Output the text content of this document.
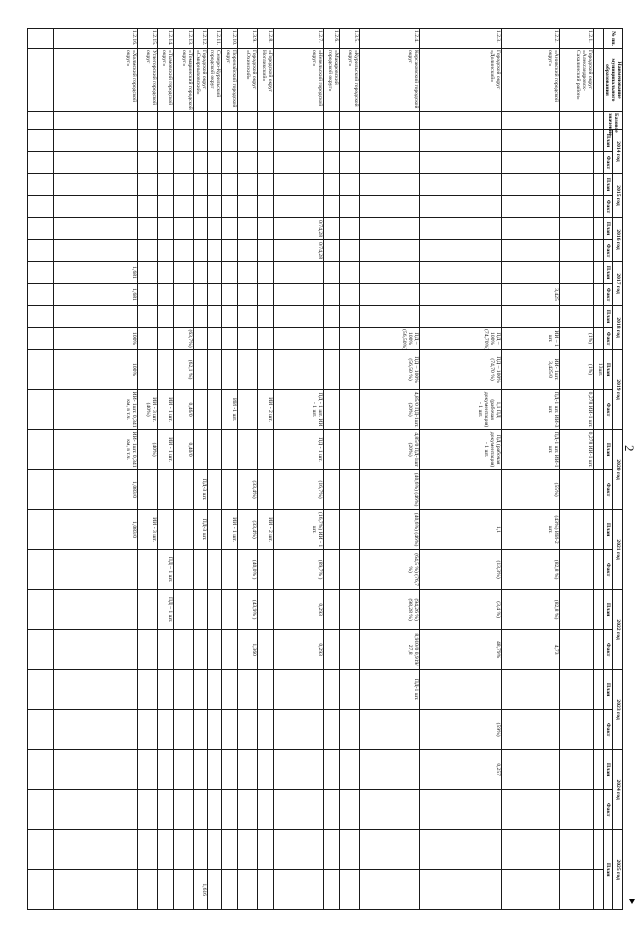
2
№ пп.	Наименование муниципального образования	Базовое значение	2014 год		2015 год		2016 год		2017 год		2018 год		2019 год		2020 год		2021 год		2022 год		2023 год		2024 год		2025 год	
			План	Факт	План	Факт	План	Факт	План	Факт	План	Факт	План	Факт	План	Факт	План	Факт	План	Факт	План	Факт	План	Факт	План	
													13шт.													
1.2.1.	Городской округ «Александровск-Сахалинский район»											(1%)	(1%)	0,278 ИИ-1 шт.	0,278 ИИ-1 шт.											
1.2.2.	«Анивский городской округ»									3,425		ИИ – 1 шт.	ИИ- 1шт. 3,425/0	ПД-1 шт. ИИ-3 шт.	ПД-1 шт. ИИ-1 шт.	(55%)	(43%) ИИ-2 шт.	(82,8 %)	(82,8 %)	4,73						
1.2.3.	Городской округ «Долинский»											ПД – 100% (74,70%)	ПД – 100% (74,70 %)	1,1 ПД (рабочая документация) - 1 шт.	ПД (рабочая документация) - 1 шт.		1,1	(13,3%)	(3,4 %)	48,79%		(59%)	0,257			
1.2.4.	Корсаковский городской округ											ПД –100% (56,50%)	ПД – 100% (56,50 %)	4,85/0 ПД-1шт. (20%)	4,85/0 ПД-1шт (20%)	(40,6%) (46%)	(40,6%) (46%)	(64,5 %) (76,7 %)	(94,26 %) (98,28 %)	8,910/0 0,919/ 27,8	ПД-1 шт.					
1.3.5.	«Курильский городской округ»																									
1.2.6.	«Макаровский городской округ»																									
1.2.7.	«Невельский городской округ»						0/74,28	0/74,28						ПД - 1 шт. ИИ - 1 шт.	ПД - 1 шт.	(16,7%)	(16,7%) ИИ - 1 шт.	(89,7% )	0,293	0,293						
1.2.8.	«Городской округ Ногликский»													ИИ - 2 шт.			ИИ - 2 шт.									
1.3.9.	Городской округ «Охинский»															(33,4%)	(33,4%)	(40,0% )	(43,9% )	1,360						
1.2.10.	Поронайский городской округ													ИИ -1 шт.			ИИ - 1 шт.									
1.2.11.	Северо-Курильский городской округ																									
1.2.12.	Городской округ «Смирныховский»															ПД-3 шт.	ПД-3 шт.									1,616
1.2.13.	«Томаринский городской округ»											(63,7%)	(62,1 %)	0,46/0	0,40/0											
1.2.14.	«Тымовский городской округ»													ИИ - 1 шт.	ИИ - 1 шт.			ПД – 1 шт.	ПД – 1 шт.							
1.2.15.	Углегорский городской округ													ИИ - 3 шт. (40%)	(40%)		ИИ - 3 шт.									
1.2.16.	«Холмский городской округ»								1,681	1,681		100%	100%	ИИ- 1шт. 0,341 км, в т.ч.	ИИ- 1шт. 0,341 км, в т.ч.	1,083/0	1,083/0									
